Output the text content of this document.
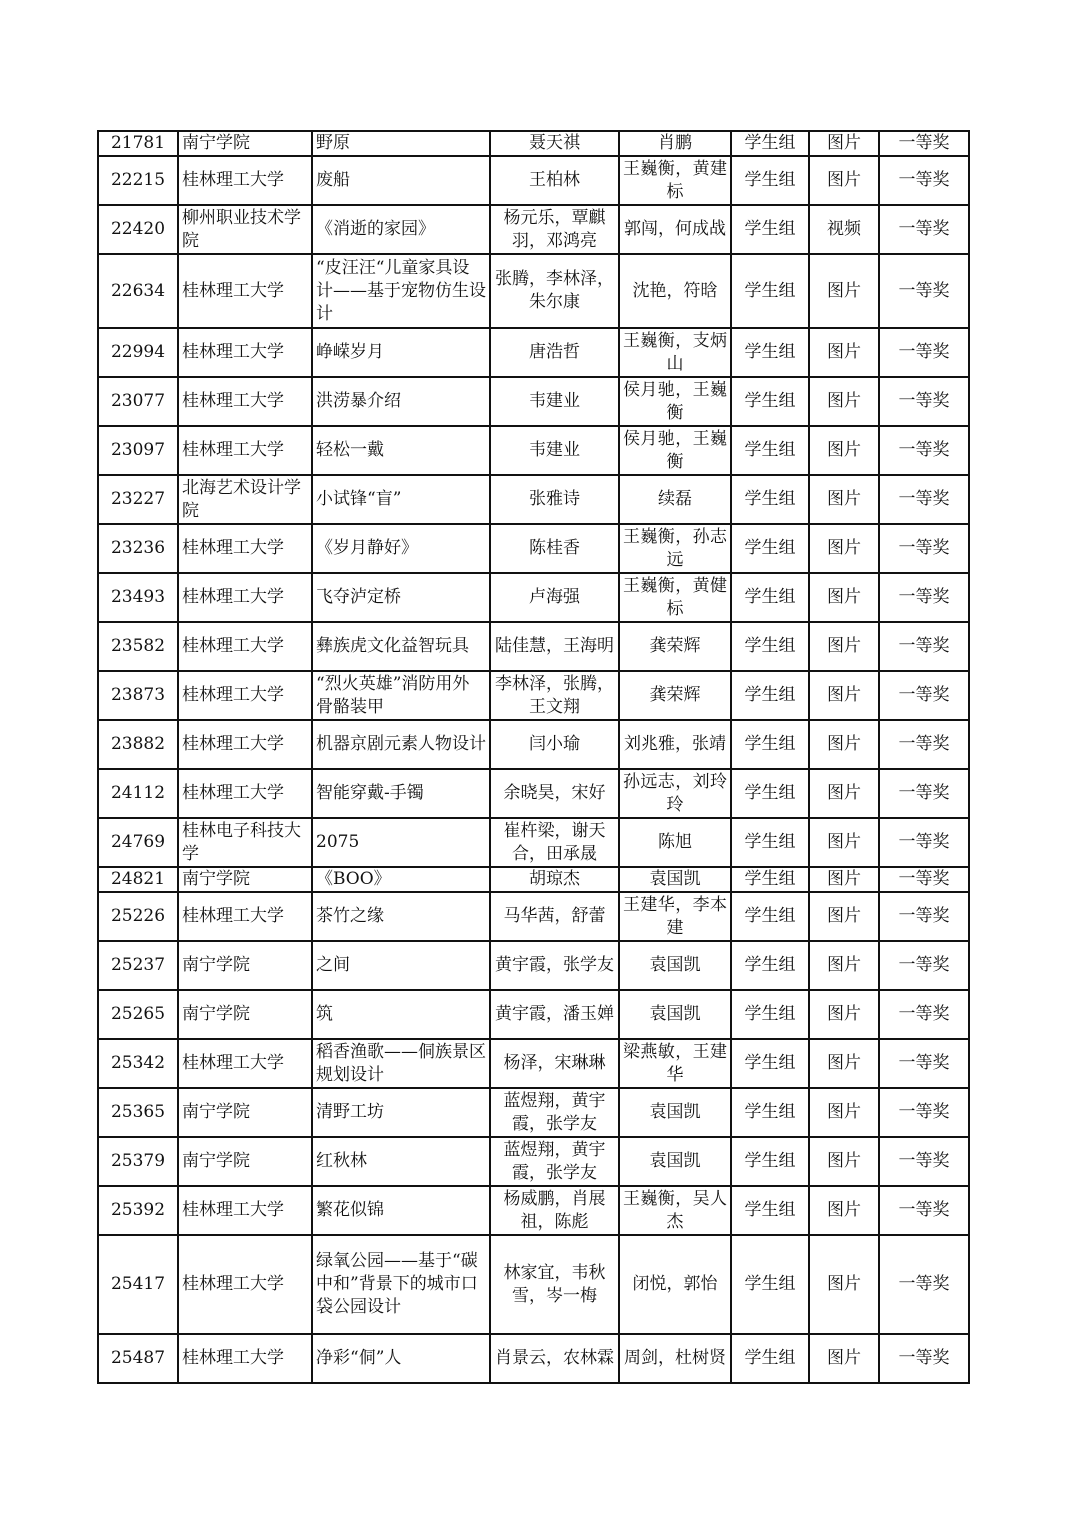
21781	南宁学院	野原	聂天祺	肖鹏	学生组	图片	一等奖
22215	桂林理工大学	废船	王柏林	王巍衡，黄建标	学生组	图片	一等奖
22420	柳州职业技术学院	《消逝的家园》	杨元乐，覃麒羽，邓鸿亮	郭闯，何成战	学生组	视频	一等奖
22634	桂林理工大学	“皮汪汪“儿童家具设计——基于宠物仿生设计	张腾，李林泽，朱尔康	沈艳，符晗	学生组	图片	一等奖
22994	桂林理工大学	峥嵘岁月	唐浩哲	王巍衡，支炳山	学生组	图片	一等奖
23077	桂林理工大学	洪涝暴介绍	韦建业	侯月驰，王巍衡	学生组	图片	一等奖
23097	桂林理工大学	轻松一戴	韦建业	侯月驰，王巍衡	学生组	图片	一等奖
23227	北海艺术设计学院	小试锋“盲”	张雅诗	续磊	学生组	图片	一等奖
23236	桂林理工大学	《岁月静好》	陈桂香	王巍衡，孙志远	学生组	图片	一等奖
23493	桂林理工大学	飞夺泸定桥	卢海强	王巍衡，黄健标	学生组	图片	一等奖
23582	桂林理工大学	彝族虎文化益智玩具	陆佳慧，王海明	龚荣辉	学生组	图片	一等奖
23873	桂林理工大学	“烈火英雄”消防用外骨骼装甲	李林泽，张腾，王文翔	龚荣辉	学生组	图片	一等奖
23882	桂林理工大学	机器京剧元素人物设计	闫小瑜	刘兆雅，张靖	学生组	图片	一等奖
24112	桂林理工大学	智能穿戴-手镯	余晓昊，宋好	孙远志，刘玲玲	学生组	图片	一等奖
24769	桂林电子科技大学	2075	崔杵梁，谢天合，田承晟	陈旭	学生组	图片	一等奖
24821	南宁学院	《BOO》	胡琼杰	袁国凯	学生组	图片	一等奖
25226	桂林理工大学	茶竹之缘	马华茜，舒蕾	王建华，李本建	学生组	图片	一等奖
25237	南宁学院	之间	黄宇霞，张学友	袁国凯	学生组	图片	一等奖
25265	南宁学院	筑	黄宇霞，潘玉婵	袁国凯	学生组	图片	一等奖
25342	桂林理工大学	稻香渔歌——侗族景区规划设计	杨泽，宋琳琳	梁燕敏，王建华	学生组	图片	一等奖
25365	南宁学院	清野工坊	蓝煜翔，黄宇霞，张学友	袁国凯	学生组	图片	一等奖
25379	南宁学院	红秋林	蓝煜翔，黄宇霞，张学友	袁国凯	学生组	图片	一等奖
25392	桂林理工大学	繁花似锦	杨威鹏，肖展祖，陈彪	王巍衡，吴人杰	学生组	图片	一等奖
25417	桂林理工大学	绿氧公园——基于“碳中和”背景下的城市口袋公园设计	林家宜，韦秋雪，岑一梅	闭悦，郭怡	学生组	图片	一等奖
25487	桂林理工大学	净彩“侗”人	肖景云，农林霖	周剑，杜树贤	学生组	图片	一等奖
